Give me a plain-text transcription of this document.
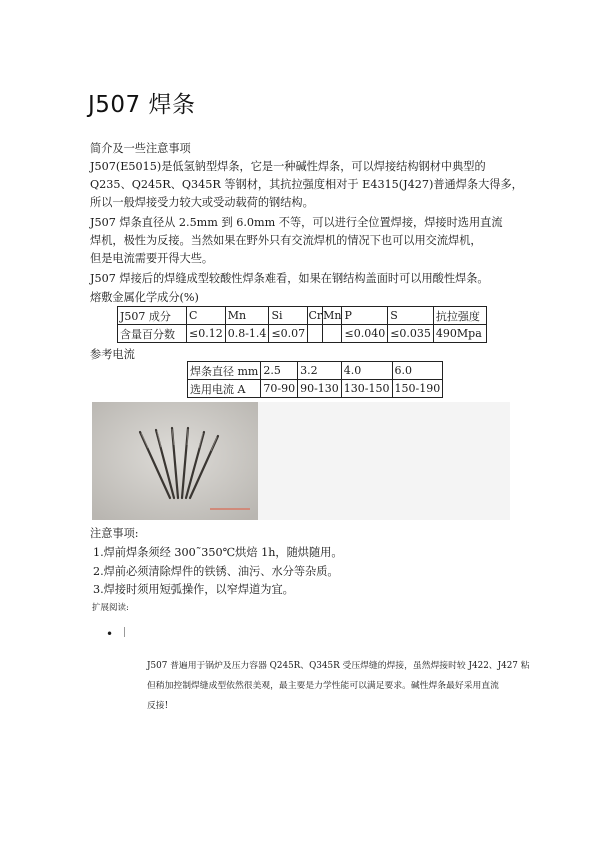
J507 焊条
简介及一些注意事项
J507(E5015)是低氢钠型焊条，它是一种碱性焊条，可以焊接结构钢材中典型的
Q235、Q245R、Q345R 等钢材，其抗拉强度相对于 E4315(J427)普通焊条大得多，
所以一般焊接受力较大或受动载荷的钢结构。
J507 焊条直径从 2.5mm 到 6.0mm 不等，可以进行全位置焊接，焊接时选用直流
焊机，极性为反接。当然如果在野外只有交流焊机的情况下也可以用交流焊机，
但是电流需要开得大些。
J507 焊接后的焊缝成型较酸性焊条难看，如果在钢结构盖面时可以用酸性焊条。
熔敷金属化学成分(%)
J507 成分	C	Mn	Si	Cr	Mn	P	S	抗拉强度
含量百分数	≤0.12	0.8-1.4	≤0.07			≤0.040	≤0.035	490Mpa
参考电流
焊条直径 mm	2.5	3.2	4.0	6.0
选用电流 A	70-90	90-130	130-150	150-190
注意事项:
1.焊前焊条须经 300˜350℃烘焙 1h，随烘随用。
2.焊前必须清除焊件的铁锈、油污、水分等杂质。
3.焊接时须用短弧操作，以窄焊道为宜。
扩展阅读:
•
J507 普遍用于锅炉及压力容器 Q245R、Q345R 受压焊缝的焊接，虽然焊接时较 J422、J427 粘
但稍加控制焊缝成型依然很美观，最主要是力学性能可以满足要求。碱性焊条最好采用直流
反接!
